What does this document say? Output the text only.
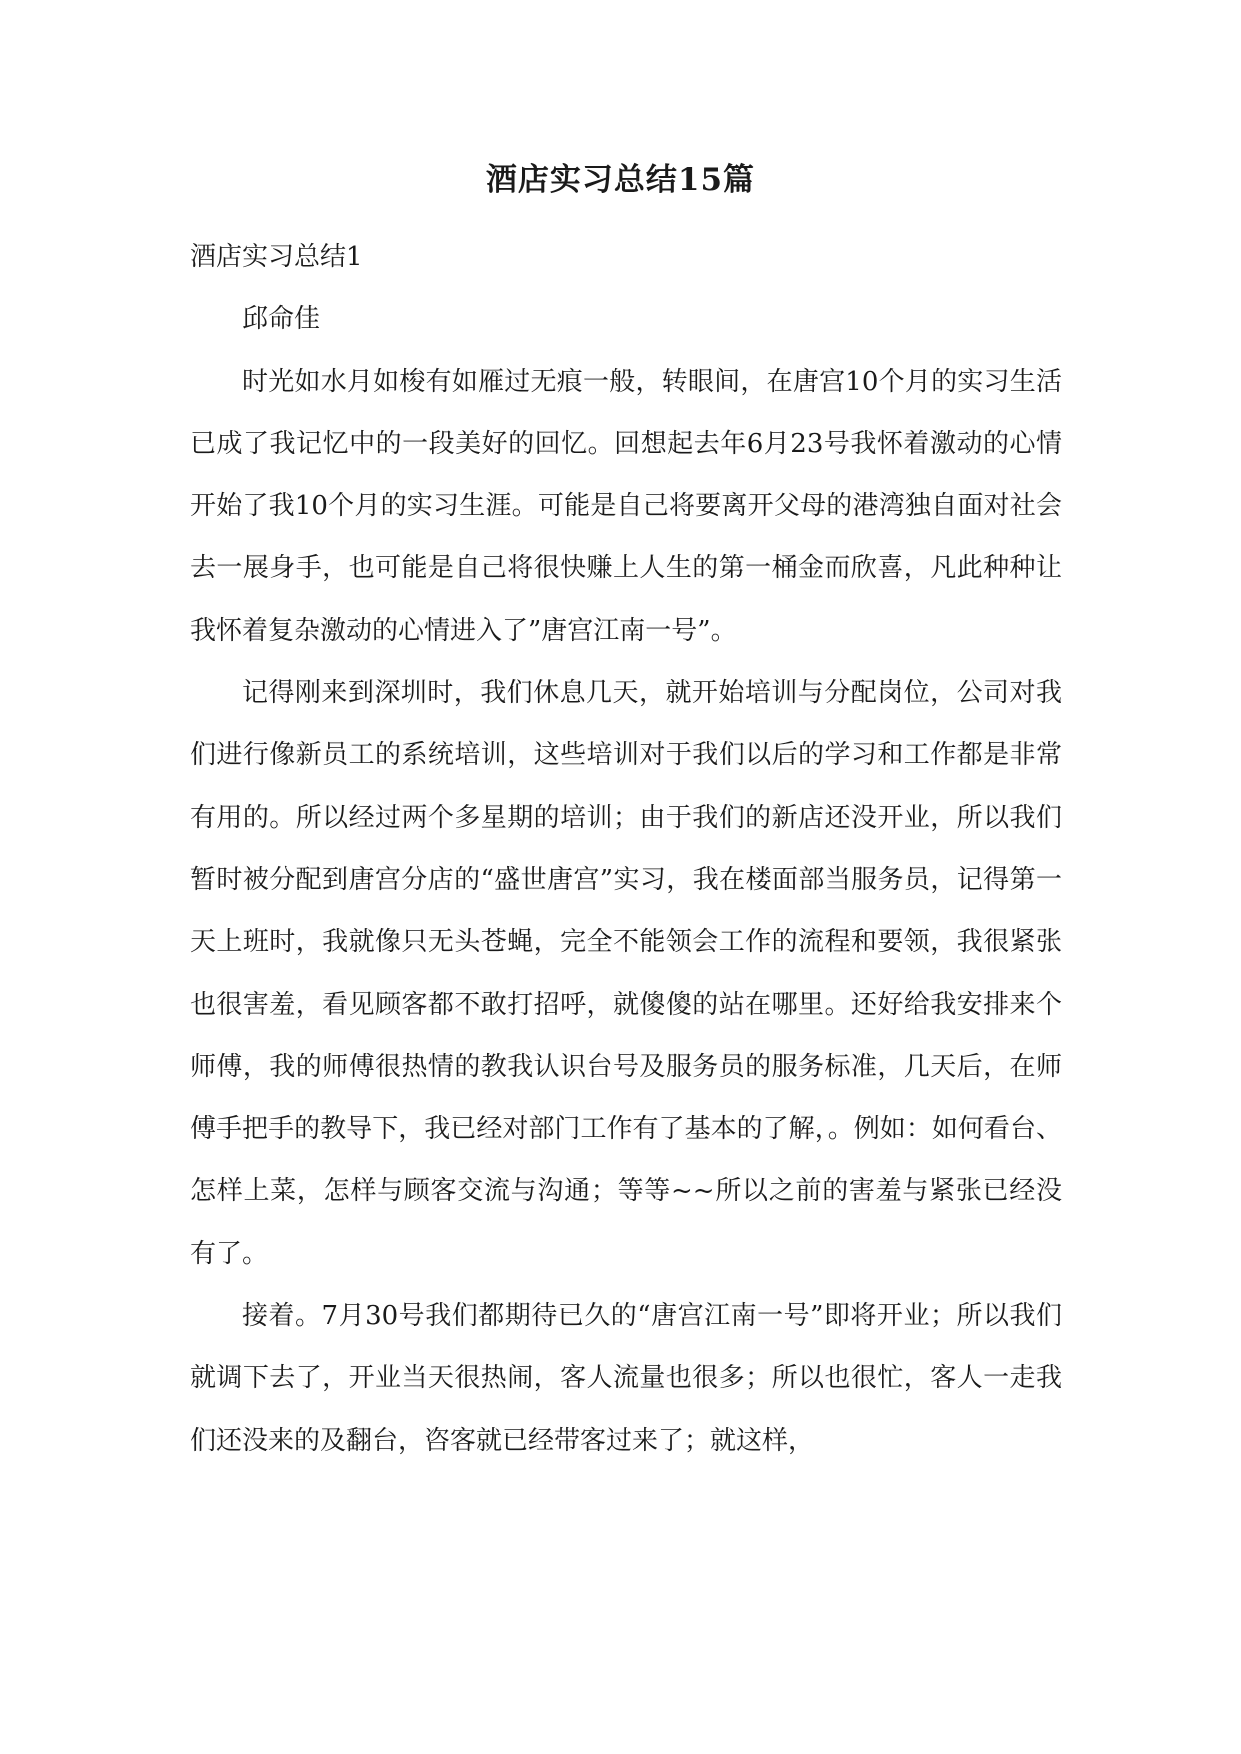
酒店实习总结15篇

酒店实习总结1

邱命佳

时光如水月如梭有如雁过无痕一般，转眼间，在唐宫10个月的实习生活已成了我记忆中的一段美好的回忆。回想起去年6月23号我怀着激动的心情开始了我10个月的实习生涯。可能是自己将要离开父母的港湾独自面对社会去一展身手，也可能是自己将很快赚上人生的第一桶金而欣喜，凡此种种让我怀着复杂激动的心情进入了”唐宫江南一号”。

记得刚来到深圳时，我们休息几天，就开始培训与分配岗位，公司对我们进行像新员工的系统培训，这些培训对于我们以后的学习和工作都是非常有用的。所以经过两个多星期的培训；由于我们的新店还没开业，所以我们暂时被分配到唐宫分店的“盛世唐宫”实习，我在楼面部当服务员，记得第一天上班时，我就像只无头苍蝇，完全不能领会工作的流程和要领，我很紧张也很害羞，看见顾客都不敢打招呼，就傻傻的站在哪里。还好给我安排来个师傅，我的师傅很热情的教我认识台号及服务员的服务标准，几天后，在师傅手把手的教导下，我已经对部门工作有了基本的了解，。例如：如何看台、怎样上菜，怎样与顾客交流与沟通；等等~~所以之前的害羞与紧张已经没有了。

接着。7月30号我们都期待已久的“唐宫江南一号”即将开业；所以我们就调下去了，开业当天很热闹，客人流量也很多；所以也很忙，客人一走我们还没来的及翻台，咨客就已经带客过来了；就这样，
